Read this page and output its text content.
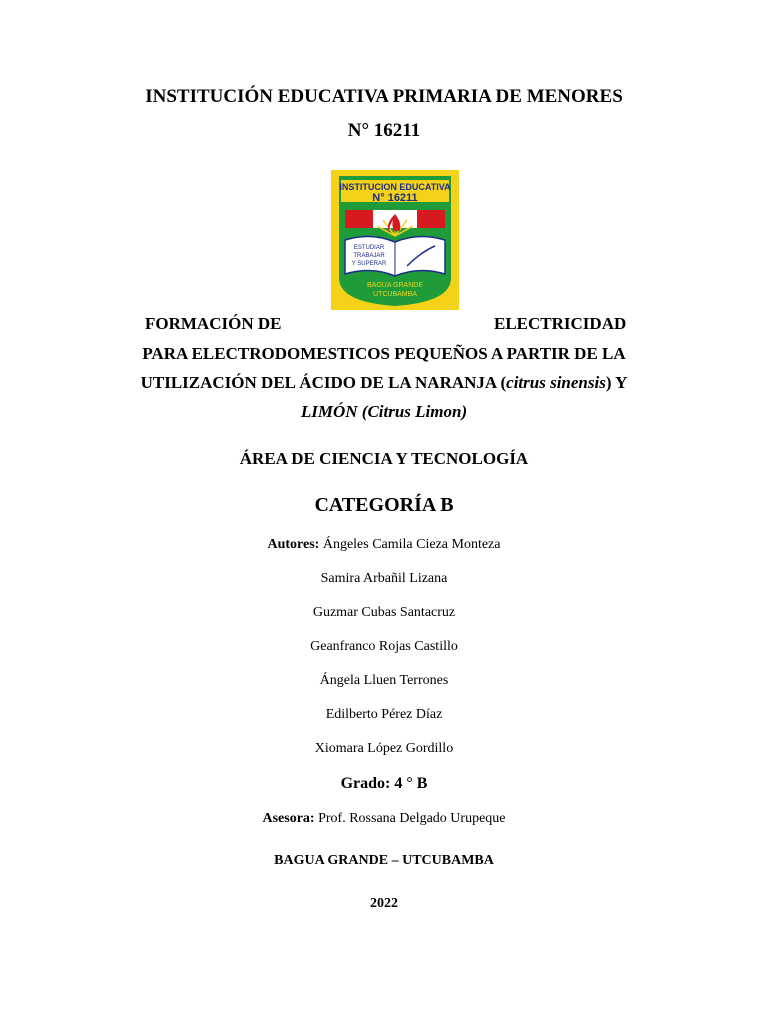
INSTITUCIÓN EDUCATIVA PRIMARIA DE MENORES
N° 16211
INSTITUCION EDUCATIVA
N° 16211
ESTUDIAR
TRABAJAR
Y SUPERAR
BAGUA GRANDE
UTCUBAMBA
FORMACIÓN DE	ELECTRICIDAD
PARA ELECTRODOMESTICOS PEQUEÑOS A PARTIR DE LA
UTILIZACIÓN DEL ÁCIDO DE LA NARANJA (citrus sinensis) Y
LIMÓN (Citrus Limon)
ÁREA DE CIENCIA Y TECNOLOGÍA
CATEGORÍA B
Autores: Ángeles Camila Cieza Monteza
Samira Arbañil Lizana
Guzmar Cubas Santacruz
Geanfranco Rojas Castillo
Ángela Lluen Terrones
Edilberto Pérez Díaz
Xiomara López Gordillo
Grado: 4 ° B
Asesora: Prof. Rossana Delgado Urupeque
BAGUA GRANDE – UTCUBAMBA
2022
